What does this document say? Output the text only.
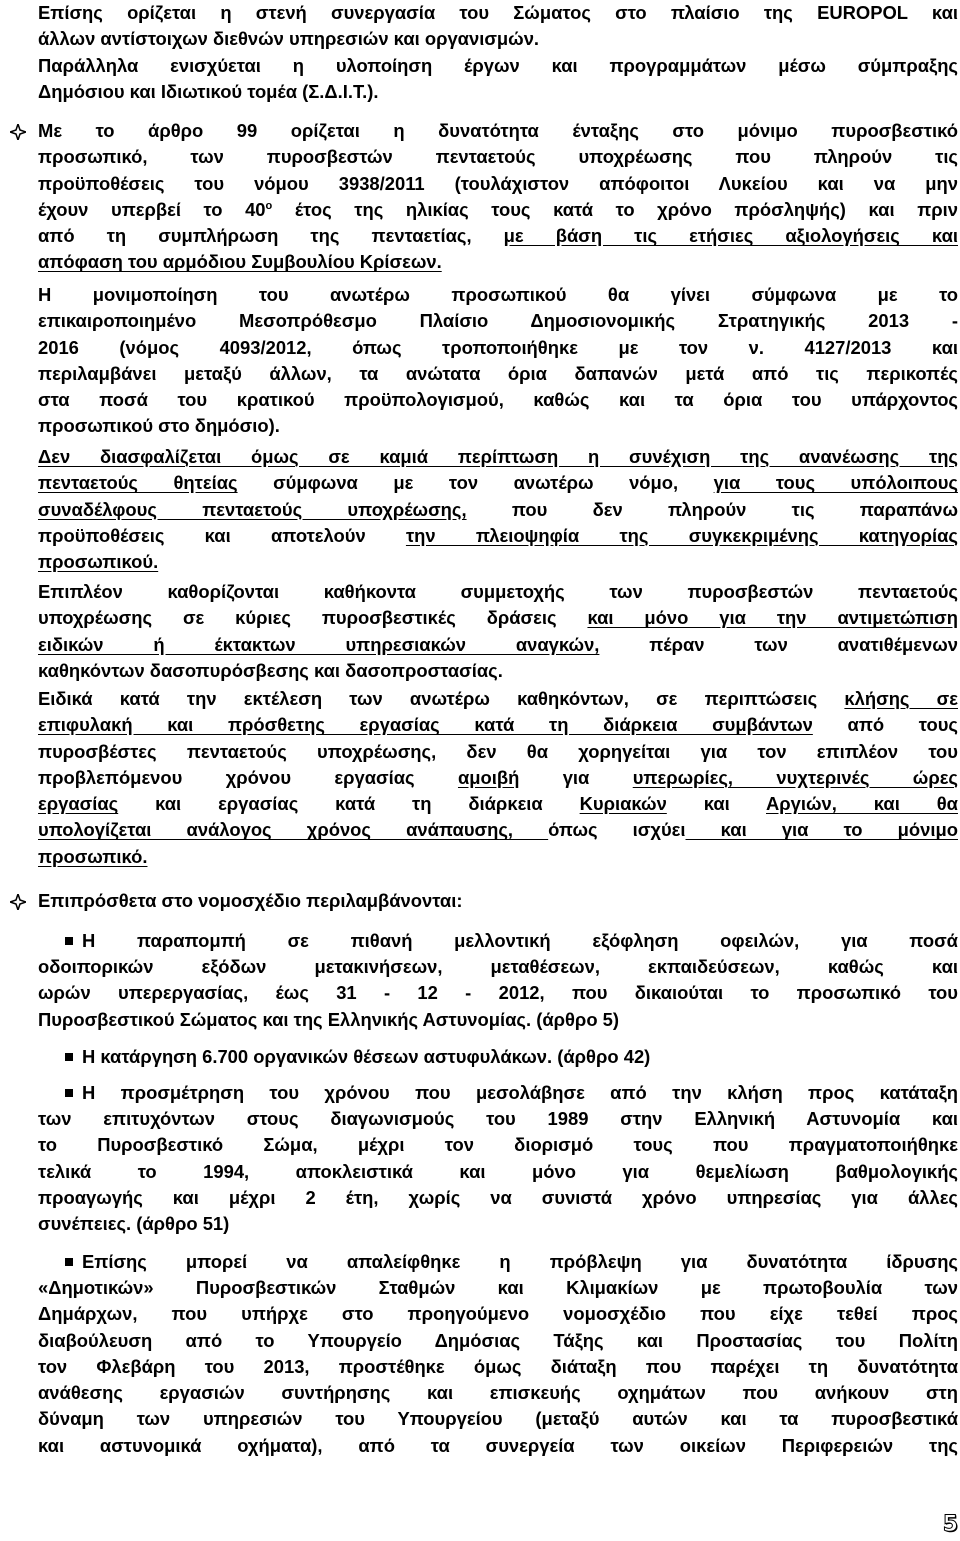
Επίσης ορίζεται η στενή συνεργασία του Σώματος στο πλαίσιο της EUROPOL και
άλλων αντίστοιχων διεθνών υπηρεσιών και οργανισμών.
Παράλληλα ενισχύεται η υλοποίηση έργων και προγραμμάτων μέσω σύμπραξης
Δημόσιου και Ιδιωτικού τομέα (Σ.Δ.Ι.Τ.).
Με το άρθρο 99 ορίζεται η δυνατότητα ένταξης στο μόνιμο πυροσβεστικό
προσωπικό, των πυροσβεστών πενταετούς υποχρέωσης που πληρούν τις
προϋποθέσεις του νόμου 3938/2011 (τουλάχιστον απόφοιτοι Λυκείου και να μην
έχουν υπερβεί το $40^o$ έτος της ηλικίας τους κατά το χρόνο πρόσληψής) και πριν
από τη συμπλήρωση της πενταετίας, με βάση τις ετήσιες αξιολογήσεις και
απόφαση του αρμόδιου Συμβουλίου Κρίσεων.
Η μονιμοποίηση του ανωτέρω προσωπικού θα γίνει σύμφωνα με το
επικαιροποιημένο Μεσοπρόθεσμο Πλαίσιο Δημοσιονομικής Στρατηγικής 2013 -
2016 (νόμος 4093/2012, όπως τροποποιήθηκε με τον ν. 4127/2013 και
περιλαμβάνει μεταξύ άλλων, τα ανώτατα όρια δαπανών μετά από τις περικοπές
στα ποσά του κρατικού προϋπολογισμού, καθώς και τα όρια του υπάρχοντος
προσωπικού στο δημόσιο).
Δεν διασφαλίζεται όμως σε καμιά περίπτωση η συνέχιση της ανανέωσης της
πενταετούς θητείας σύμφωνα με τον ανωτέρω νόμο, για τους υπόλοιπους
συναδέλφους πενταετούς υποχρέωσης, που δεν πληρούν τις παραπάνω
προϋποθέσεις και αποτελούν την πλειοψηφία της συγκεκριμένης κατηγορίας
προσωπικού.
Επιπλέον καθορίζονται καθήκοντα συμμετοχής των πυροσβεστών πενταετούς
υποχρέωσης σε κύριες πυροσβεστικές δράσεις και μόνο για την αντιμετώπιση
ειδικών ή έκτακτων υπηρεσιακών αναγκών, πέραν των ανατιθέμενων
καθηκόντων δασοπυρόσβεσης και δασοπροστασίας.
Ειδικά κατά την εκτέλεση των ανωτέρω καθηκόντων, σε περιπτώσεις κλήσης σε
επιφυλακή και πρόσθετης εργασίας κατά τη διάρκεια συμβάντων από τους
πυροσβέστες πενταετούς υποχρέωσης, δεν θα χορηγείται για τον επιπλέον του
προβλεπόμενου χρόνου εργασίας αμοιβή για υπερωρίες, νυχτερινές ώρες
εργασίας και εργασίας κατά τη διάρκεια Κυριακών και Αργιών, και θα
υπολογίζεται ανάλογος χρόνος ανάπαυσης, όπως ισχύει και για το μόνιμο
προσωπικό.
Επιπρόσθετα στο νομοσχέδιο περιλαμβάνονται:
Η παραπομπή σε πιθανή μελλοντική εξόφληση οφειλών, για ποσά
οδοιπορικών εξόδων μετακινήσεων, μεταθέσεων, εκπαιδεύσεων, καθώς και
ωρών υπερεργασίας, έως 31 - 12 - 2012, που δικαιούται το προσωπικό του
Πυροσβεστικού Σώματος και της Ελληνικής Αστυνομίας. (άρθρο 5)
Η κατάργηση 6.700 οργανικών θέσεων αστυφυλάκων. (άρθρο 42)
Η προσμέτρηση του χρόνου που μεσολάβησε από την κλήση προς κατάταξη
των επιτυχόντων στους διαγωνισμούς του 1989 στην Ελληνική Αστυνομία και
το Πυροσβεστικό Σώμα, μέχρι τον διορισμό τους που πραγματοποιήθηκε
τελικά το 1994, αποκλειστικά και μόνο για θεμελίωση βαθμολογικής
προαγωγής και μέχρι 2 έτη, χωρίς να συνιστά χρόνο υπηρεσίας για άλλες
συνέπειες. (άρθρο 51)
Επίσης μπορεί να απαλείφθηκε η πρόβλεψη για δυνατότητα ίδρυσης
«Δημοτικών» Πυροσβεστικών Σταθμών και Κλιμακίων με πρωτοβουλία των
Δημάρχων, που υπήρχε στο προηγούμενο νομοσχέδιο που είχε τεθεί προς
διαβούλευση από το Υπουργείο Δημόσιας Τάξης και Προστασίας του Πολίτη
τον Φλεβάρη του 2013, προστέθηκε όμως διάταξη που παρέχει τη δυνατότητα
ανάθεσης εργασιών συντήρησης και επισκευής οχημάτων που ανήκουν στη
δύναμη των υπηρεσιών του Υπουργείου (μεταξύ αυτών και τα πυροσβεστικά
και αστυνομικά οχήματα), από τα συνεργεία των οικείων Περιφερειών της
5
